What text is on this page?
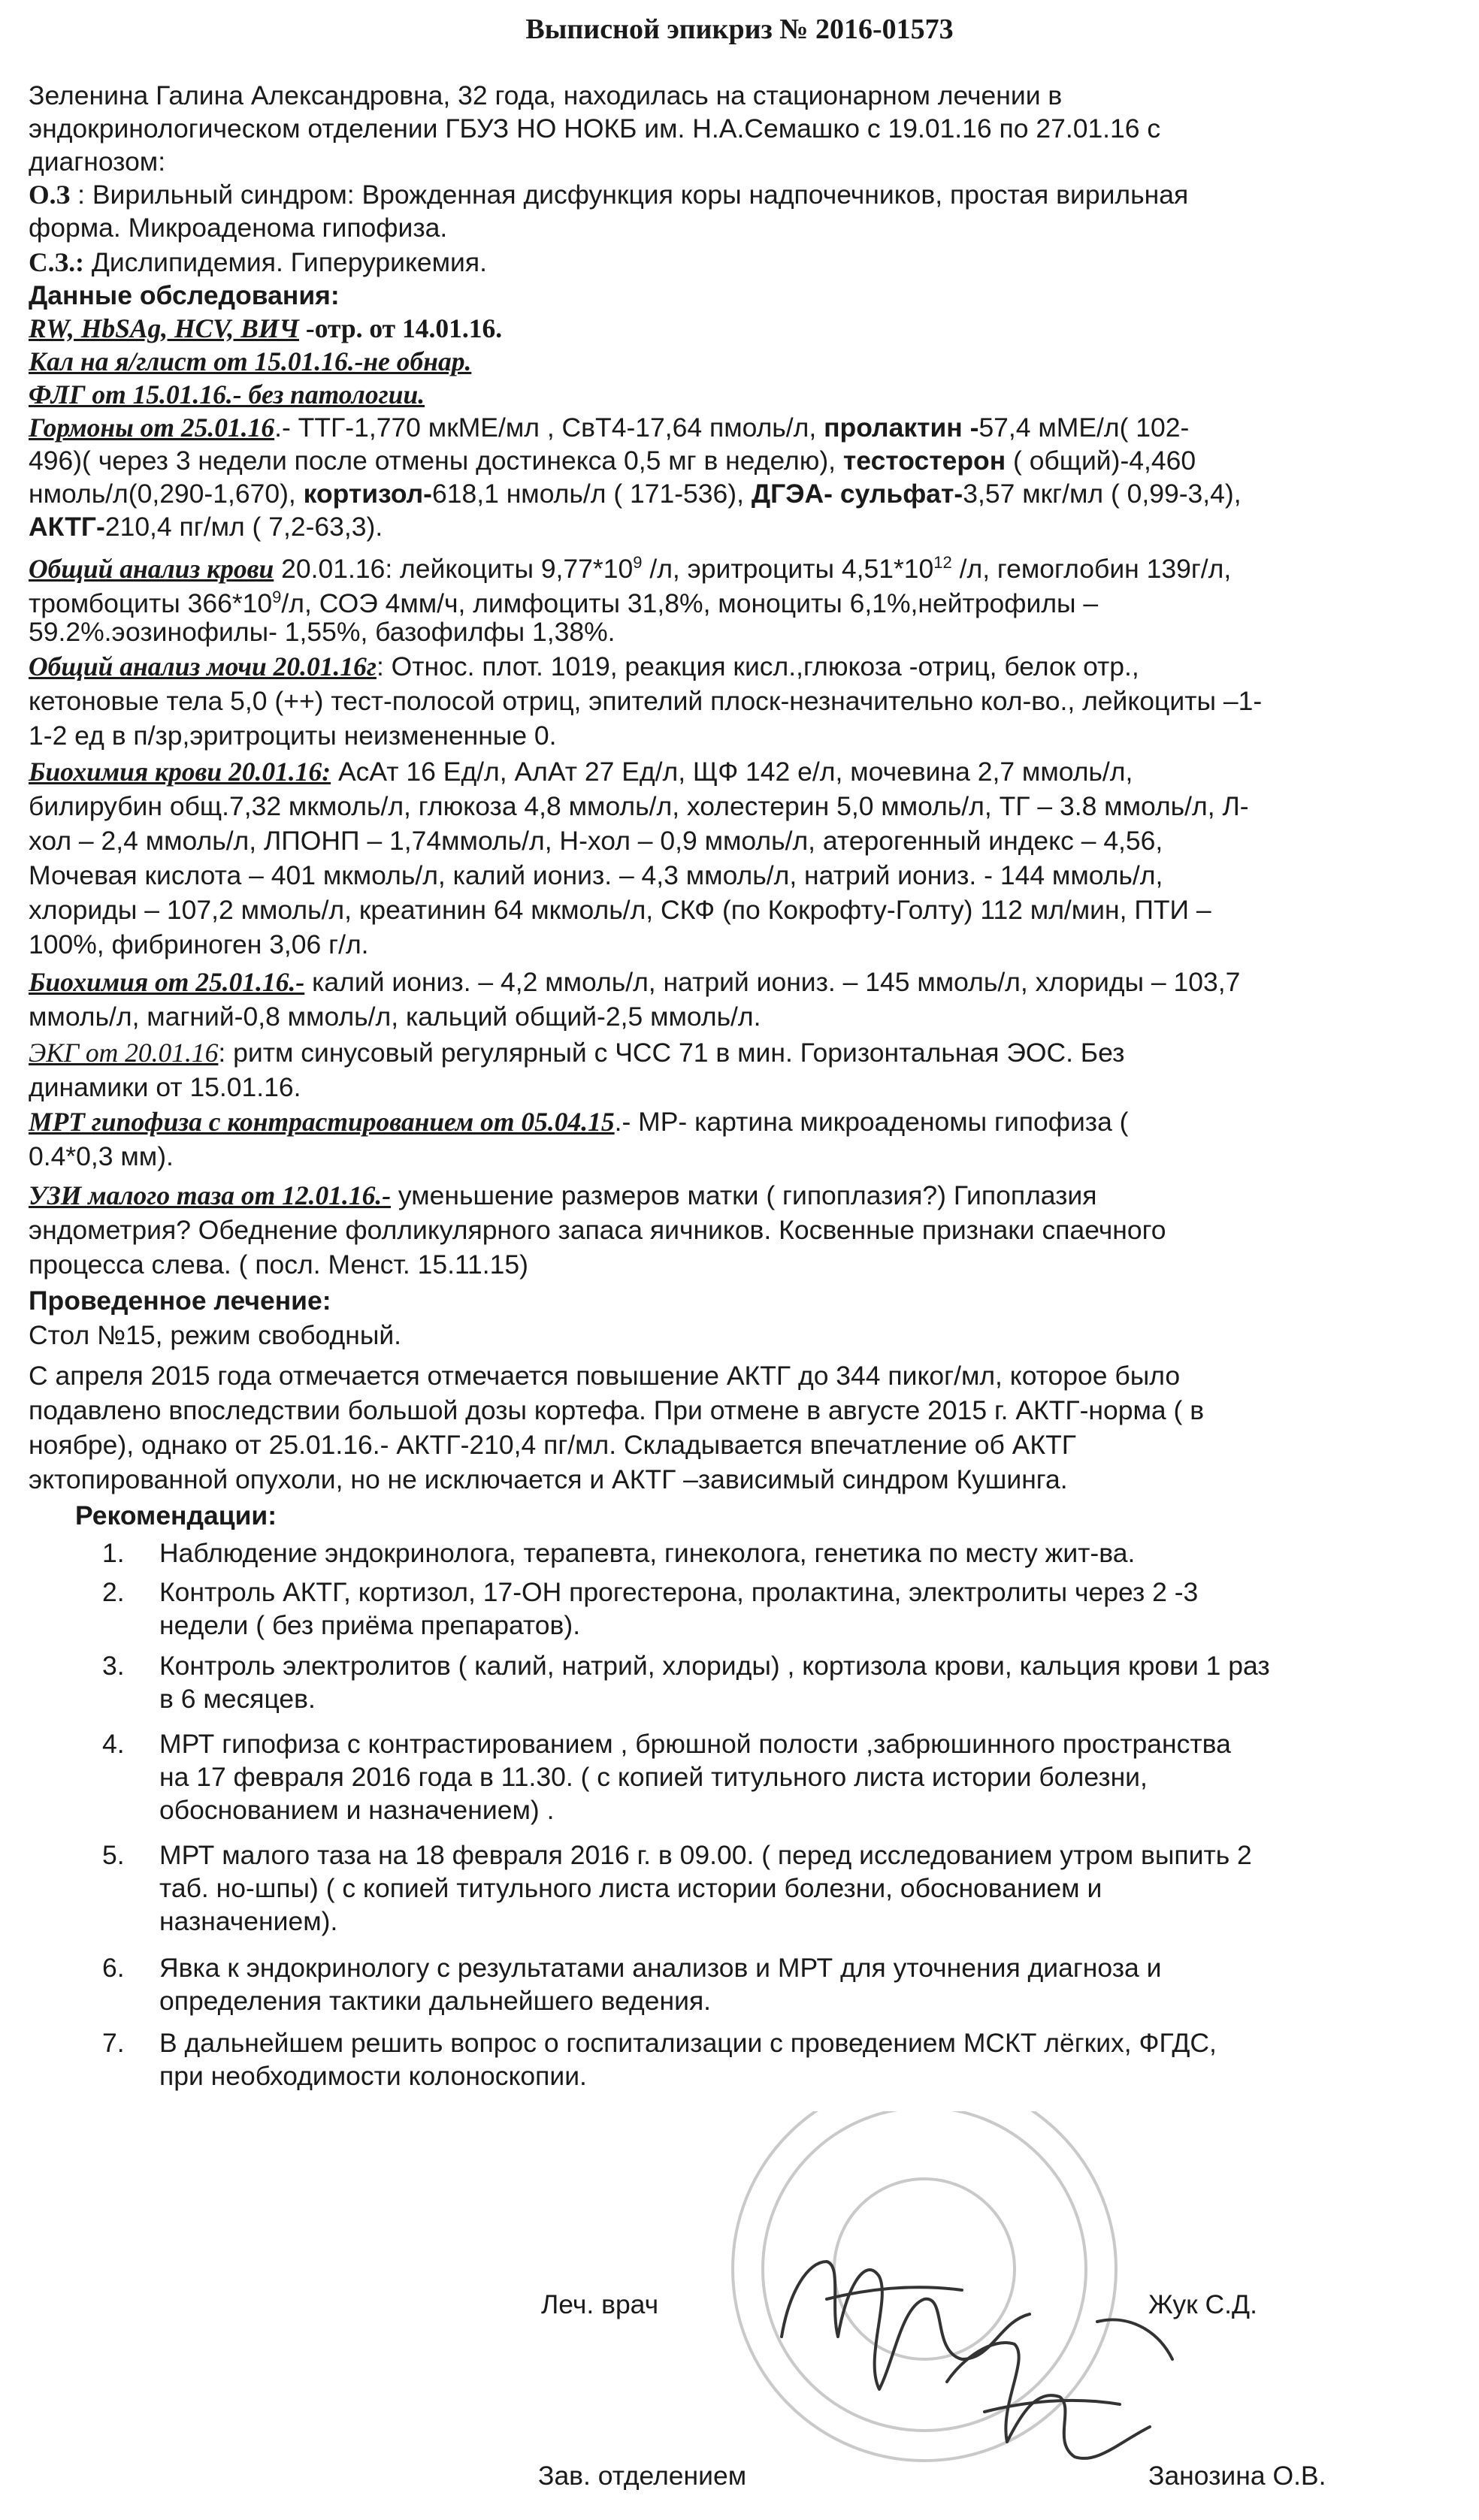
Выписной эпикриз № 2016-01573
Зеленина Галина Александровна, 32 года, находилась на стационарном лечении в
эндокринологическом отделении ГБУЗ НО НОКБ им. Н.А.Семашко с 19.01.16 по 27.01.16 с
диагнозом:
О.З : Вирильный синдром: Врожденная дисфункция коры надпочечников, простая вирильная
форма. Микроаденома гипофиза.
С.З.: Дислипидемия. Гиперурикемия.
Данные обследования:
RW, HbSAg, HCV, ВИЧ -отр. от 14.01.16.
Кал на я/глист от 15.01.16.-не обнар.
ФЛГ от 15.01.16.- без патологии.
Гормоны от 25.01.16.- ТТГ-1,770 мкМЕ/мл , СвТ4-17,64 пмоль/л, пролактин -57,4 мМЕ/л( 102-
496)( через 3 недели после отмены достинекса 0,5 мг в неделю), тестостерон ( общий)-4,460
нмоль/л(0,290-1,670), кортизол-618,1 нмоль/л ( 171-536), ДГЭА- сульфат-3,57 мкг/мл ( 0,99-3,4),
АКТГ-210,4 пг/мл ( 7,2-63,3).
Общий анализ крови 20.01.16: лейкоциты $9,77*10^9$ /л, эритроциты $4,51*10^{12}$ /л, гемоглобин 139г/л,
тромбоциты $366*10^9/л$, СОЭ 4мм/ч, лимфоциты 31,8%, моноциты 6,1%,нейтрофилы –
59.2%.эозинофилы- 1,55%, базофилфы 1,38%.
Общий анализ мочи 20.01.16г: Относ. плот. 1019, реакция кисл.,глюкоза -отриц, белок отр.,
кетоновые тела 5,0 (++) тест-полосой отриц, эпителий плоск-незначительно кол-во., лейкоциты –1-
1-2 ед в п/зр,эритроциты неизмененные 0.
Биохимия крови 20.01.16: АсАт 16 Ед/л, АлАт 27 Ед/л, ЩФ 142 е/л, мочевина 2,7 ммоль/л,
билирубин общ.7,32 мкмоль/л, глюкоза 4,8 ммоль/л, холестерин 5,0 ммоль/л, ТГ – 3.8 ммоль/л, Л-
хол – 2,4 ммоль/л, ЛПОНП – 1,74ммоль/л, Н-хол – 0,9 ммоль/л, атерогенный индекс – 4,56,
Мочевая кислота – 401 мкмоль/л, калий иониз. – 4,3 ммоль/л, натрий иониз. - 144 ммоль/л,
хлориды – 107,2 ммоль/л, креатинин 64 мкмоль/л, СКФ (по Кокрофту-Голту) 112 мл/мин, ПТИ –
100%, фибриноген 3,06 г/л.
Биохимия от 25.01.16.- калий иониз. – 4,2 ммоль/л, натрий иониз. – 145 ммоль/л, хлориды – 103,7
ммоль/л, магний-0,8 ммоль/л, кальций общий-2,5 ммоль/л.
ЭКГ от 20.01.16: ритм синусовый регулярный с ЧСС 71 в мин. Горизонтальная ЭОС. Без
динамики от 15.01.16.
МРТ гипофиза с контрастированием от 05.04.15.- МР- картина микроаденомы гипофиза (
0.4*0,3 мм).
УЗИ малого таза от 12.01.16.- уменьшение размеров матки ( гипоплазия?) Гипоплазия
эндометрия? Обеднение фолликулярного запаса яичников. Косвенные признаки спаечного
процесса слева. ( посл. Менст. 15.11.15)
Проведенное лечение:
Стол №15, режим свободный.
С апреля 2015 года отмечается отмечается повышение АКТГ до 344 пиког/мл, которое было
подавлено впоследствии большой дозы кортефа. При отмене в августе 2015 г. АКТГ-норма ( в
ноябре), однако от 25.01.16.- АКТГ-210,4 пг/мл. Складывается впечатление об АКТГ
эктопированной опухоли, но не исключается и АКТГ –зависимый синдром Кушинга.
Рекомендации:
1. Наблюдение эндокринолога, терапевта, гинеколога, генетика по месту жит-ва.
2. Контроль АКТГ, кортизол, 17-ОН прогестерона, пролактина, электролиты через 2 -3
недели ( без приёма препаратов).
3. Контроль электролитов ( калий, натрий, хлориды) , кортизола крови, кальция крови 1 раз
в 6 месяцев.
4. МРТ гипофиза с контрастированием , брюшной полости ,забрюшинного пространства
на 17 февраля 2016 года в 11.30. ( с копией титульного листа истории болезни,
обоснованием и назначением) .
5. МРТ малого таза на 18 февраля 2016 г. в 09.00. ( перед исследованием утром выпить 2
таб. но-шпы) ( с копией титульного листа истории болезни, обоснованием и
назначением).
6. Явка к эндокринологу с результатами анализов и МРТ для уточнения диагноза и
определения тактики дальнейшего ведения.
7. В дальнейшем решить вопрос о госпитализации с проведением МСКТ лёгких, ФГДС,
при необходимости колоноскопии.
Леч. врач	Жук С.Д.
Зав. отделением	Занозина О.В.
